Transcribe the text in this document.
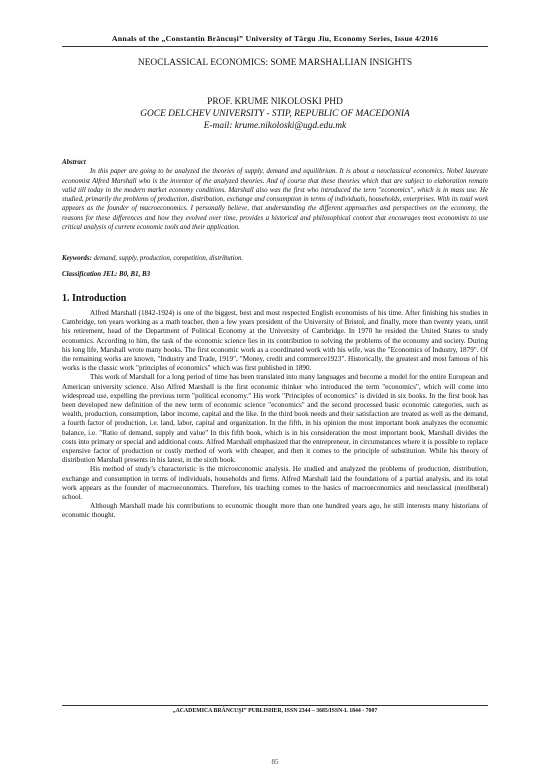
Annals of the „Constantin Brâncuşi” University of Târgu Jiu, Economy Series, Issue 4/2016
NEOCLASSICAL ECONOMICS: SOME MARSHALLIAN INSIGHTS
PROF. KRUME NIKOLOSKI PHD
GOCE DELCHEV UNIVERSITY - STIP, REPUBLIC OF MACEDONIA
E-mail: krume.nikoloski@ugd.edu.mk
Abstract
In this paper are going to be analyzed the theories of supply, demand and equilibrium. It is about a neoclassical economics, Nobel laureate economist Alfred Marshall who is the inventor of the analyzed theories. And of course that these theories which that are subject to elaboration remain valid till today in the modern market economy conditions. Marshall also was the first who introduced the term "economics", which is in mass use. He studied, primarily the problems of production, distribution, exchange and consumption in terms of individuals, households, enterprises. With its total work appears as the founder of macroeconomics. I personally believe, that understanding the different approaches and perspectives on the economy, the reasons for these differences and how they evolved over time, provides a historical and philosophical context that encourages most economists to use critical analysis of current economic tools and their application.
Keywords: demand, supply, production, competition, distribution.
Classification JEL: B0, B1, B3
1. Introduction

Alfred Marshall (1842-1924) is one of the biggest, best and most respected English economists of his time. After finishing his studies in Cambridge, ten years working as a math teacher, then a few years president of the University of Bristol, and finally, more than twenty years, until his retirement, head of the Department of Political Economy at the University of Cambridge. In 1970 he resided the United States to study economics. According to him, the task of the economic science lies in its contribution to solving the problems of the economy and society. During his long life, Marshall wrote many books. The first economic work as a coordinated work with his wife, was the "Economics of Industry, 1879". Of the remaining works are known, "Industry and Trade, 1919", "Money, credit and commerce1923". Historically, the greatest and most famous of his works is the classic work "principles of economics" which was first published in 1890.

This work of Marshall for a long period of time has been translated into many languages and become a model for the entire European and American university science. Also Alfred Marshall is the first economic thinker who introduced the term "economics", which will come into widespread use, expelling the previous term "political economy." His work "Principles of economics" is divided in six books. In the first book has been developed new definition of the new term of economic science "economics" and the second processed basic economic categories, such as wealth, production, consumption, labor income, capital and the like. In the third book needs and their satisfaction are treated as well as the demand, a fourth factor of production, i.e. land, labor, capital and organization. In the fifth, in his opinion the most important book analyzes the economic balance, i.e. "Ratio of demand, supply and value" In this fifth book, which is in his consideration the most important book, Marshall divides the costs into primary or special and additional costs. Alfred Marshall emphasized that the entrepreneur, in circumstances where it is possible to replace expensive factor of production or costly method of work with cheaper, and then it comes to the principle of substitution. While his theory of distribution Marshall presents in his latest, in the sixth book.

His method of study’s characteristic is the microeconomic analysis. He studied and analyzed the problems of production, distribution, exchange and consumption in terms of individuals, households and firms. Alfred Marshall laid the foundations of a partial analysis, and its total work appears as the founder of macroeconomics. Therefore, his teaching comes to the basics of macroeconomics and neoclassical (neoliberal) school.

Although Marshall made his contributions to economic thought more than one hundred years ago, he still interests many historians of economic thought.

„ACADEMICA BRÂNCUŞI” PUBLISHER, ISSN 2344 – 3685/ISSN-L 1844 - 7007
85
